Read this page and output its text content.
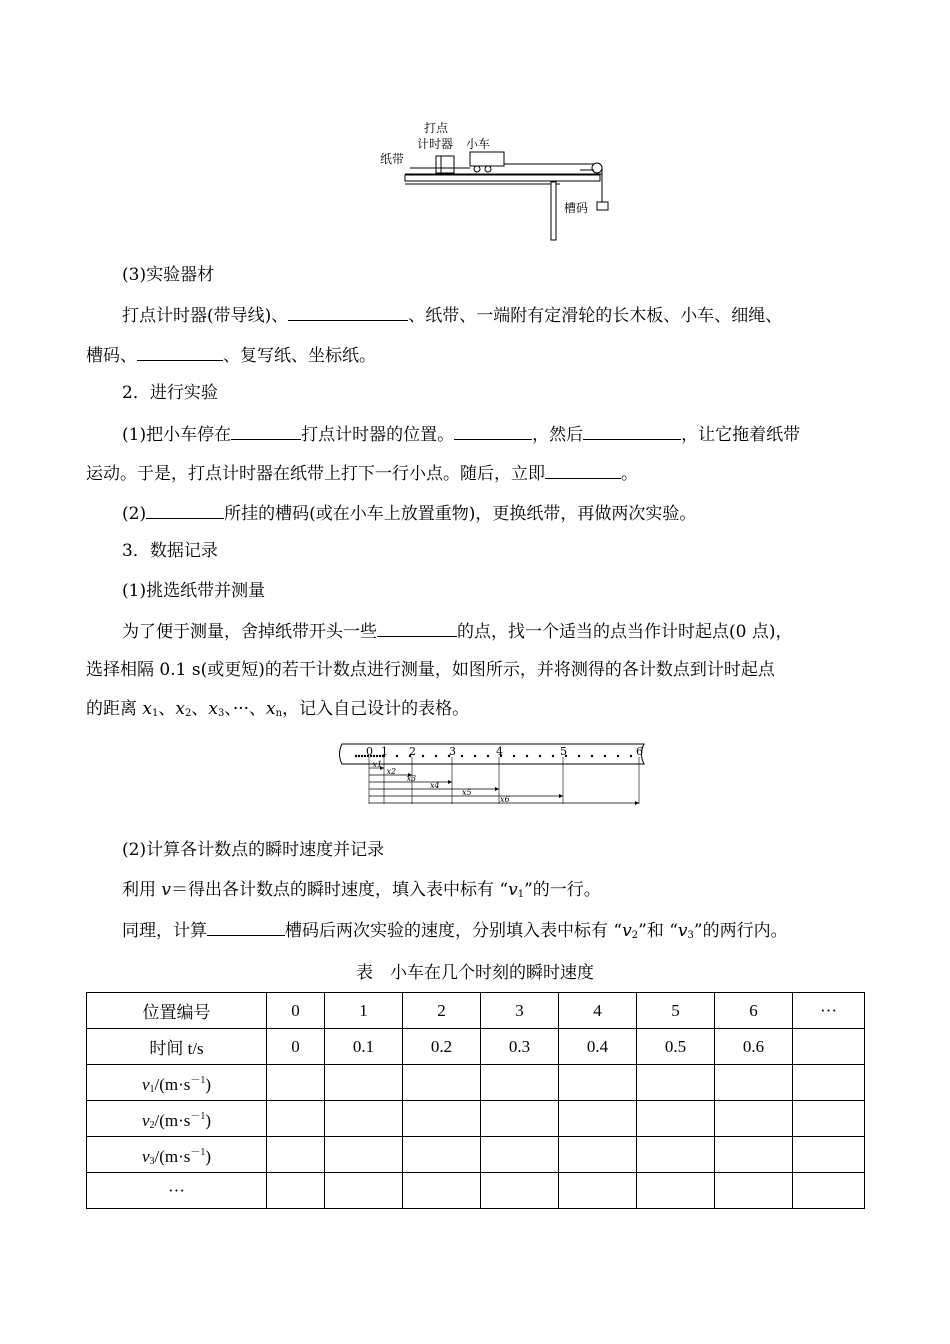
打点
计时器 小车
纸带
槽码
(3)实验器材
打点计时器(带导线)、	、纸带、一端附有定滑轮的长木板、小车、细绳、
槽码、	、复写纸、坐标纸。
2．进行实验
(1)把小车停在	打点计时器的位置。	，然后	，让它拖着纸带
运动。于是，打点计时器在纸带上打下一行小点。随后，立即	。
(2)	所挂的槽码(或在小车上放置重物)，更换纸带，再做两次实验。
3．数据记录
(1)挑选纸带并测量
为了便于测量，舍掉纸带开头一些	的点，找一个适当的点当作计时起点(0 点)，
选择相隔 0.1 s(或更短)的若干计数点进行测量，如图所示，并将测得的各计数点到计时起点
的距离 $x_1$、$x_2$、$x_3$、···、$x_n$，记入自己设计的表格。
0 1 2	3	4	5	6
x1
x2
x3
x4
x5
x6
(2)计算各计数点的瞬时速度并记录
利用 v＝得出各计数点的瞬时速度，填入表中标有 “$v_1$”的一行。
同理，计算	槽码后两次实验的速度，分别填入表中标有 “$v_2$”和 “$v_3$”的两行内。
表　小车在几个时刻的瞬时速度
位置编号	0	1	2	3	4	5	6	···
时间 t/s	0	0.1	0.2	0.3	0.4	0.5	0.6	
$v_1/(m\cdot s^{-1})$								
$v_2/(m\cdot s^{-1})$								
$v_3/(m\cdot s^{-1})$								
···								
